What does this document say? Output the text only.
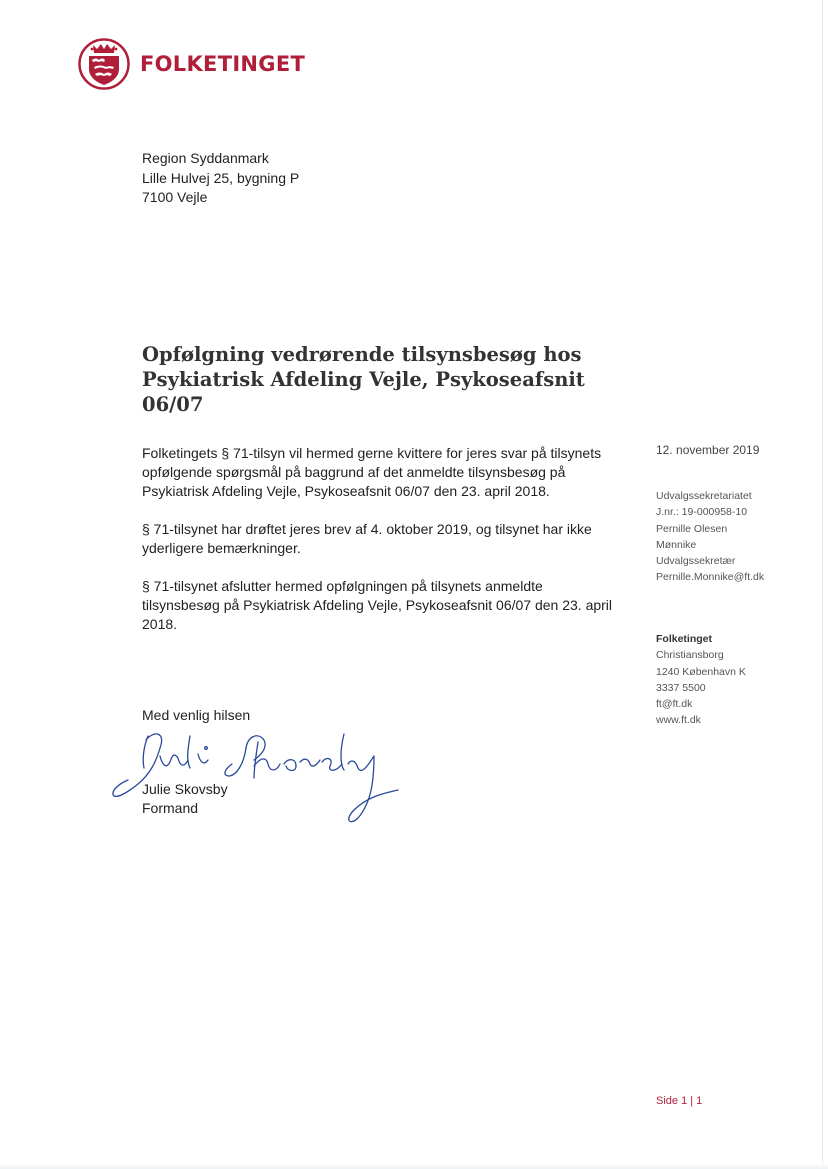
FOLKETINGET
Region Syddanmark
Lille Hulvej 25, bygning P
7100 Vejle
Opfølgning vedrørende tilsynsbesøg hos Psykiatrisk Afdeling Vejle, Psykoseafsnit 06/07

Folketingets § 71-tilsyn vil hermed gerne kvittere for jeres svar på tilsynets opfølgende spørgsmål på baggrund af det anmeldte tilsynsbesøg på Psykiatrisk Afdeling Vejle, Psykoseafsnit 06/07 den 23. april 2018.

§ 71-tilsynet har drøftet jeres brev af 4. oktober 2019, og tilsynet har ikke yderligere bemærkninger.

§ 71-tilsynet afslutter hermed opfølgningen på tilsynets anmeldte tilsynsbesøg på Psykiatrisk Afdeling Vejle, Psykoseafsnit 06/07 den 23. april 2018.

Med venlig hilsen
Julie Skovsby
Formand
12. november 2019
Udvalgssekretariatet
J.nr.: 19-000958-10
Pernille Olesen
Mønnike
Udvalgssekretær
Pernille.Monnike@ft.dk
Folketinget
Christiansborg
1240 København K
3337 5500
ft@ft.dk
www.ft.dk
Side 1 | 1
